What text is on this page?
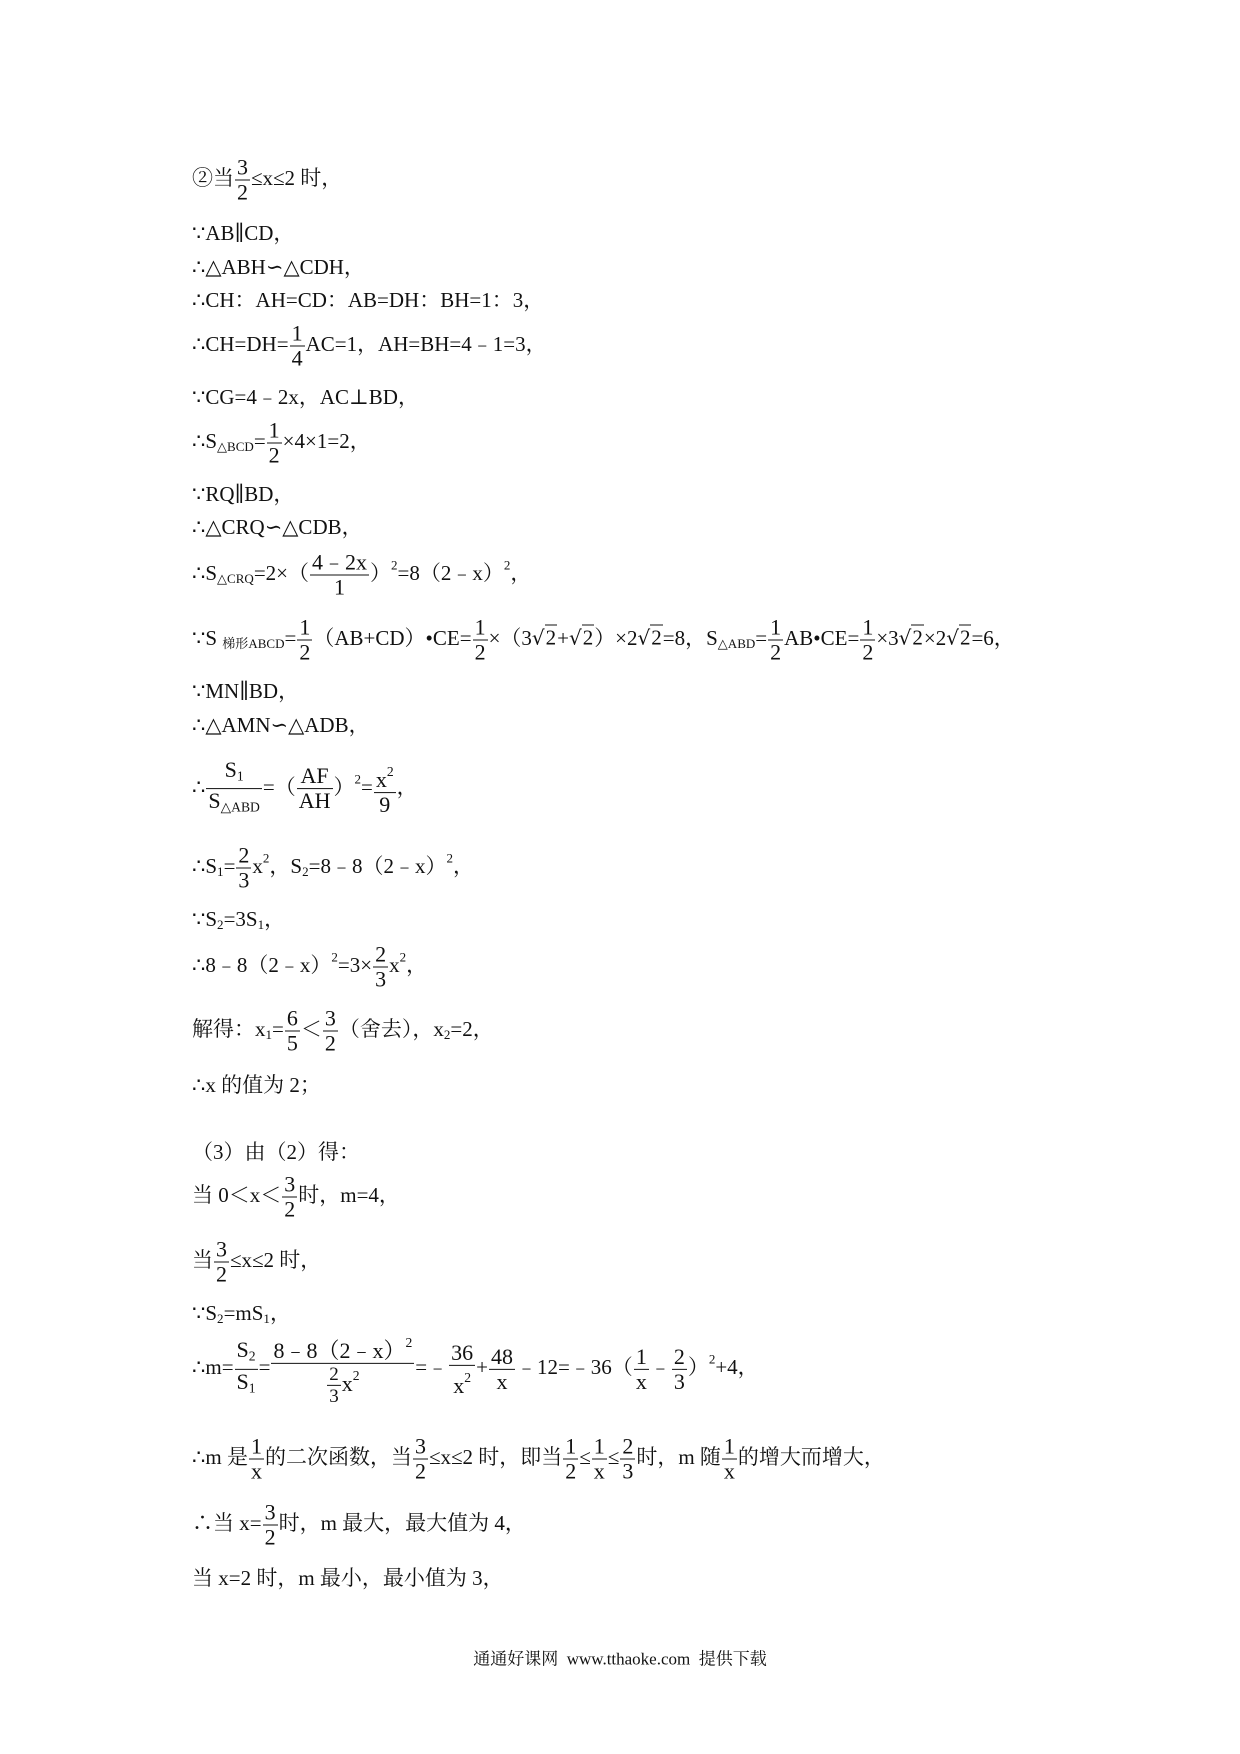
②当 $\frac{3}{2} \le x\le 2$ 时，
∵AB∥CD，
∴△ABH∽△CDH，
∴CH：AH=CD：AB=DH：BH=1：3，
∴CH=DH= $\frac{1}{4} AC=1$，AH=BH=4﹣1=3，
∵CG=4﹣2x，AC⊥BD，
$\therefore S_{\triangle BCD}= \frac{1}{2} \times 4\times 1=2$，
∵RQ∥BD，
∴△CRQ∽△CDB，
$\therefore S_{\triangle CRQ}=2\times( \frac{4﹣2x}{1}$ ）$^2$=8（2﹣x）$^2$，
∵S $_{梯形ABCD}= \frac{1}{2}$ （AB+CD）•CE= $\frac{1}{2} \times(3√$ 2+√ 2）×2√ 2=8，$S_{\triangle ABD}= \frac{1}{2}$ AB•CE= $\frac{1}{2} \times 3√$ 2×2√ 2=6，
∵MN∥BD，
∴△AMN∽△ADB，
∴ $\frac{S_1}{S_{\triangle ABD}}$ =（ $\frac{AF}{AH} )^2= \frac{x^2}{9}$ ，
$\therefore S_1= \frac{2}{3} x^2$，$S_2=8﹣8(2﹣x)^2$，
$\because S_2=3S_1$，
∴8﹣8（2﹣x）$^2$=3× $\frac{2}{3} x^2$，
解得：$x_1= \frac{6}{5} < \frac{3}{2}$ （舍去），$x_2=2$，
∴x 的值为 2；
（3）由（2）得：
当 $0<x< \frac{3}{2}$ 时，m=4，
当 $\frac{3}{2} \le x\le 2$ 时，
$\because S_2=mS_1$，
∴m= $\frac{S_2}{S_1} = \frac{8﹣8(2﹣x)^2}{\frac{2}{3} x^2}$ =﹣ $\frac{36}{x^2} + \frac{48}{x}$ ﹣12=﹣36（ $\frac{1}{x}$ ﹣ $\frac{2}{3} )^2+4$，
∴m 是 $\frac{1}{x}$ 的二次函数，当 $\frac{3}{2} \le x\le 2$ 时，即当 $\frac{1}{2} \le \frac{1}{x} \le \frac{2}{3}$ 时，m 随 $\frac{1}{x}$ 的增大而增大，
∴当 $x= \frac{3}{2}$ 时，m 最大，最大值为 4，
当 x=2 时，m 最小，最小值为 3，
通通好课网  www.tthaoke.com  提供下载
